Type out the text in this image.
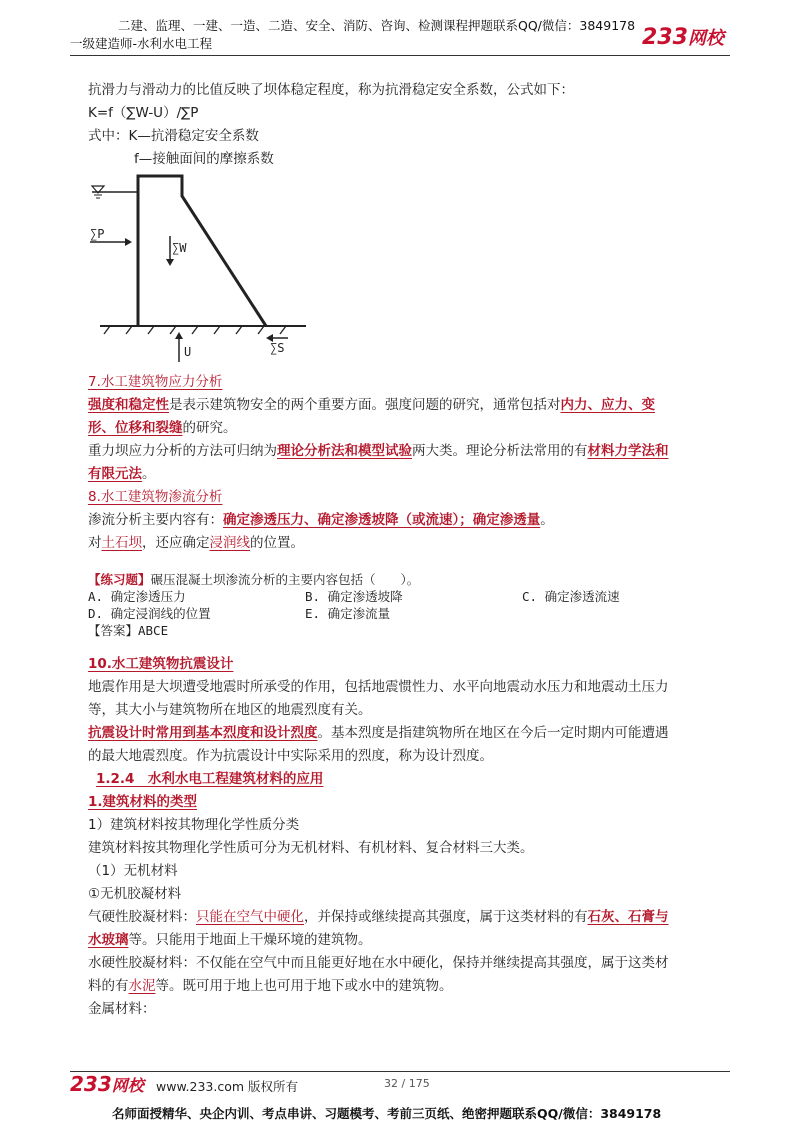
二建、监理、一建、一造、二造、安全、消防、咨询、检测课程押题联系QQ/微信：3849178
一级建造师-水利水电工程	233网校
抗滑力与滑动力的比值反映了坝体稳定程度，称为抗滑稳定安全系数，公式如下：
K=f（∑W-U）/∑P
式中：K—抗滑稳定安全系数
f—接触面间的摩擦系数
∑P
∑W
U	∑S
7.水工建筑物应力分析
强度和稳定性是表示建筑物安全的两个重要方面。强度问题的研究，通常包括对内力、应力、变
形、位移和裂缝的研究。
重力坝应力分析的方法可归纳为理论分析法和模型试验两大类。理论分析法常用的有材料力学法和
有限元法。
8.水工建筑物渗流分析
渗流分析主要内容有：确定渗透压力、确定渗透坡降（或流速）；确定渗透量。
对土石坝，还应确定浸润线的位置。
【练习题】碾压混凝土坝渗流分析的主要内容包括（　　）。
A. 确定渗透压力	B. 确定渗透坡降	C. 确定渗透流速
D. 确定浸润线的位置	E. 确定渗流量
【答案】ABCE
10.水工建筑物抗震设计
地震作用是大坝遭受地震时所承受的作用，包括地震惯性力、水平向地震动水压力和地震动土压力
等，其大小与建筑物所在地区的地震烈度有关。
抗震设计时常用到基本烈度和设计烈度。基本烈度是指建筑物所在地区在今后一定时期内可能遭遇
的最大地震烈度。作为抗震设计中实际采用的烈度，称为设计烈度。
1.2.4　水利水电工程建筑材料的应用
1.建筑材料的类型
1）建筑材料按其物理化学性质分类
建筑材料按其物理化学性质可分为无机材料、有机材料、复合材料三大类。
（1）无机材料
①无机胶凝材料
气硬性胶凝材料：只能在空气中硬化，并保持或继续提高其强度，属于这类材料的有石灰、石膏与
水玻璃等。只能用于地面上干燥环境的建筑物。
水硬性胶凝材料：不仅能在空气中而且能更好地在水中硬化，保持并继续提高其强度，属于这类材
料的有水泥等。既可用于地上也可用于地下或水中的建筑物。
金属材料：
233网校 www.233.com 版权所有	32 / 175
名师面授精华、央企内训、考点串讲、习题模考、考前三页纸、绝密押题联系QQ/微信：3849178
